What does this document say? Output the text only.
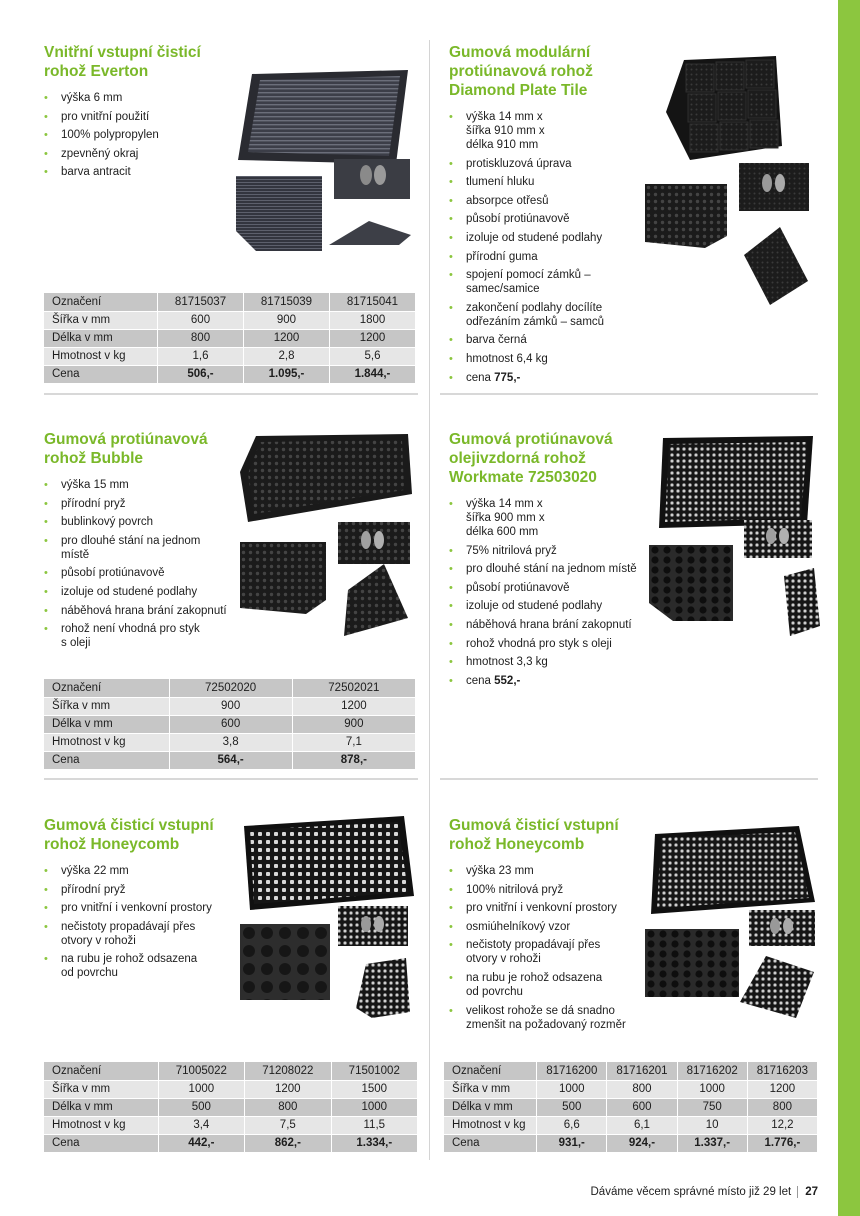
Vnitřní vstupní čisticí
rohož Everton
• výška 6 mm
• pro vnitřní použití
• 100% polypropylen
• zpevněný okraj
• barva antracit
Označení	81715037	81715039	81715041
Šířka v mm	600	900	1800
Délka v mm	800	1200	1200
Hmotnost v kg	1,6	2,8	5,6
Cena	506,-	1.095,-	1.844,-
Gumová modulární
protiúnavová rohož
Diamond Plate Tile
• výška 14 mm x
šířka 910 mm x
délka 910 mm
• protiskluzová úprava
• tlumení hluku
• absorpce otřesů
• působí protiúnavově
• izoluje od studené podlahy
• přírodní guma
• spojení pomocí zámků –
samec/samice
• zakončení podlahy docílíte
odřezáním zámků – samců
• barva černá
• hmotnost 6,4 kg
• cena 775,-
Gumová protiúnavová
rohož Bubble
• výška 15 mm
• přírodní pryž
• bublinkový povrch
• pro dlouhé stání na jednom
místě
• působí protiúnavově
• izoluje od studené podlahy
• náběhová hrana brání zakopnutí
• rohož není vhodná pro styk
s oleji
Označení	72502020	72502021
Šířka v mm	900	1200
Délka v mm	600	900
Hmotnost v kg	3,8	7,1
Cena	564,-	878,-
Gumová protiúnavová
olejivzdorná rohož
Workmate 72503020
• výška 14 mm x
šířka 900 mm x
délka 600 mm
• 75% nitrilová pryž
• pro dlouhé stání na jednom místě
• působí protiúnavově
• izoluje od studené podlahy
• náběhová hrana brání zakopnutí
• rohož vhodná pro styk s oleji
• hmotnost 3,3 kg
• cena 552,-
Gumová čisticí vstupní
rohož Honeycomb
• výška 22 mm
• přírodní pryž
• pro vnitřní i venkovní prostory
• nečistoty propadávají přes
otvory v rohoži
• na rubu je rohož odsazena
od povrchu
Označení	71005022	71208022	71501002
Šířka v mm	1000	1200	1500
Délka v mm	500	800	1000
Hmotnost v kg	3,4	7,5	11,5
Cena	442,-	862,-	1.334,-
Gumová čisticí vstupní
rohož Honeycomb
• výška 23 mm
• 100% nitrilová pryž
• pro vnitřní i venkovní prostory
• osmiúhelníkový vzor
• nečistoty propadávají přes
otvory v rohoži
• na rubu je rohož odsazena
od povrchu
• velikost rohože se dá snadno
zmenšit na požadovaný rozměr
Označení	81716200	81716201	81716202	81716203
Šířka v mm	1000	800	1000	1200
Délka v mm	500	600	750	800
Hmotnost v kg	6,6	6,1	10	12,2
Cena	931,-	924,-	1.337,-	1.776,-
Dáváme věcem správné místo již 29 let 27
